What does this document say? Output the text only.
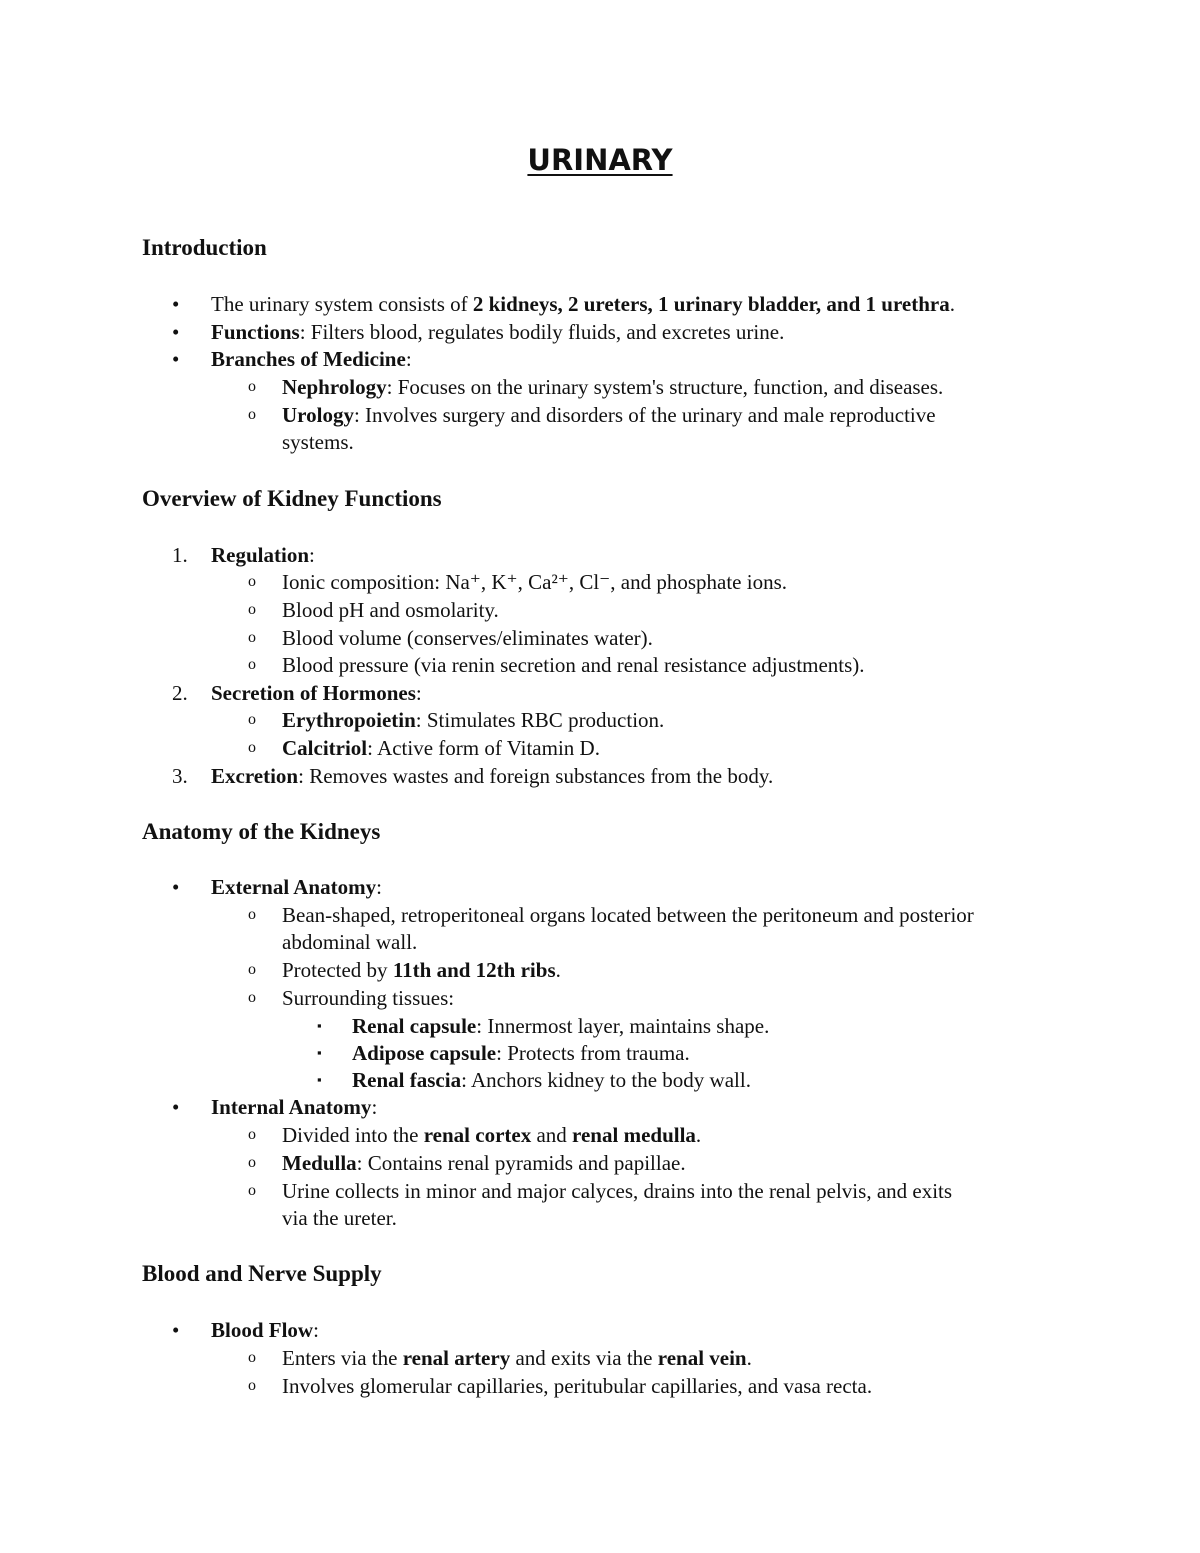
URINARY
Introduction
•	The urinary system consists of 2 kidneys, 2 ureters, 1 urinary bladder, and 1 urethra.
•	Functions: Filters blood, regulates bodily fluids, and excretes urine.
•	Branches of Medicine:
o Nephrology: Focuses on the urinary system's structure, function, and diseases.
o Urology: Involves surgery and disorders of the urinary and male reproductive
systems.
Overview of Kidney Functions
1. Regulation:
o Ionic composition: Na⁺, K⁺, Ca²⁺, Cl⁻, and phosphate ions.
o Blood pH and osmolarity.
o Blood volume (conserves/eliminates water).
o Blood pressure (via renin secretion and renal resistance adjustments).
2. Secretion of Hormones:
o Erythropoietin: Stimulates RBC production.
o Calcitriol: Active form of Vitamin D.
3. Excretion: Removes wastes and foreign substances from the body.
Anatomy of the Kidneys
•	External Anatomy:
o Bean-shaped, retroperitoneal organs located between the peritoneum and posterior
abdominal wall.
o Protected by 11th and 12th ribs.
o Surrounding tissues:
▪ Renal capsule: Innermost layer, maintains shape.
▪ Adipose capsule: Protects from trauma.
▪ Renal fascia: Anchors kidney to the body wall.
•	Internal Anatomy:
o Divided into the renal cortex and renal medulla.
o Medulla: Contains renal pyramids and papillae.
o Urine collects in minor and major calyces, drains into the renal pelvis, and exits
via the ureter.
Blood and Nerve Supply
•	Blood Flow:
o Enters via the renal artery and exits via the renal vein.
o Involves glomerular capillaries, peritubular capillaries, and vasa recta.
